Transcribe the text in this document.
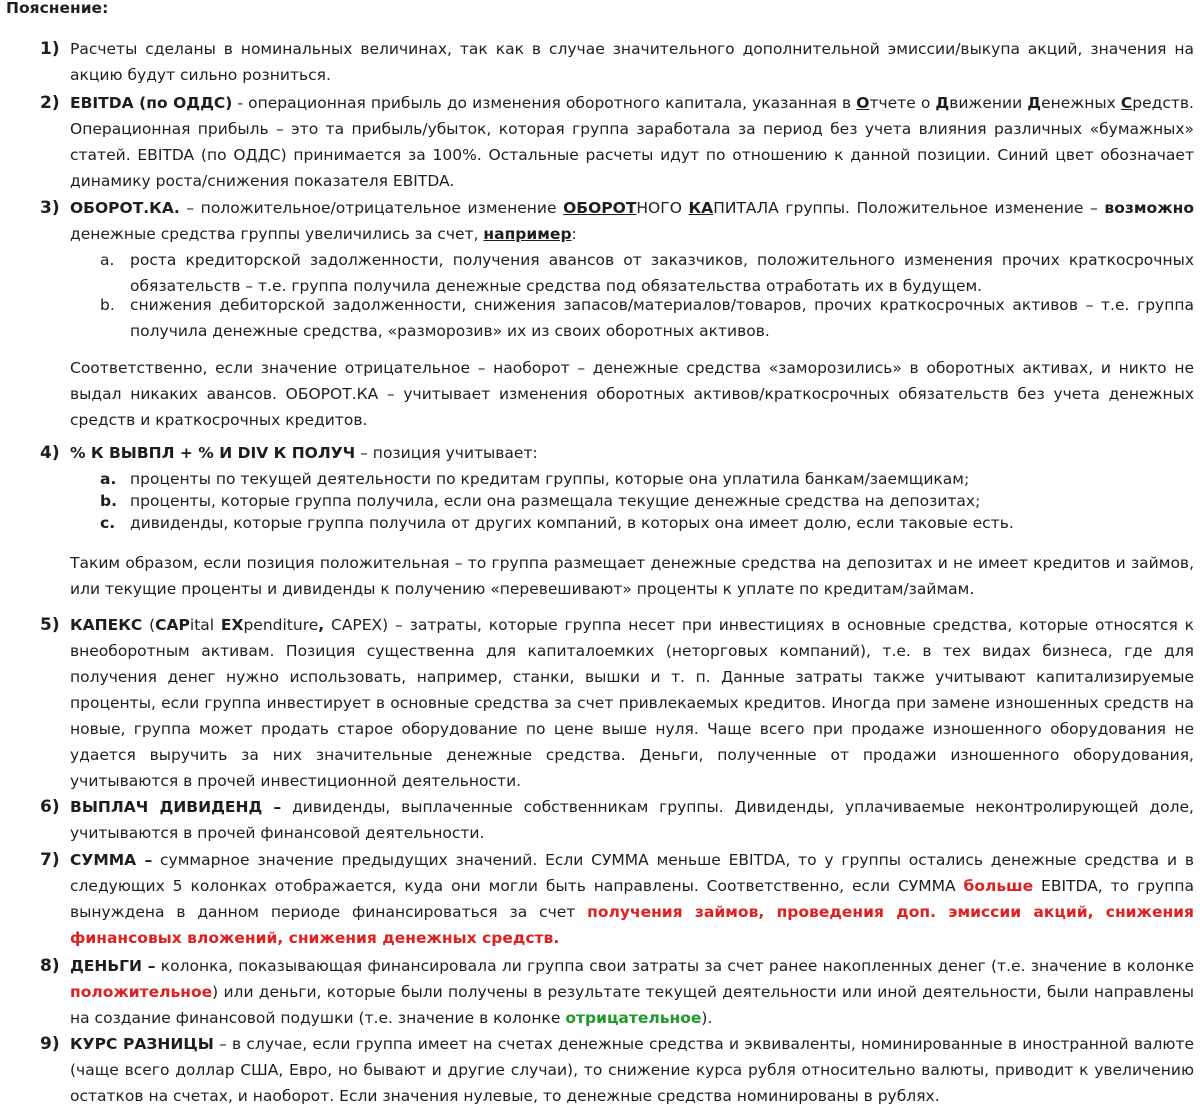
Пояснение:
1) Расчеты сделаны в номинальных величинах, так как в случае значительного дополнительной эмиссии/выкупа акций, значения на акцию будут сильно розниться.
2) EBITDA (по ОДДС) - операционная прибыль до изменения оборотного капитала, указанная в Отчете о Движении Денежных Средств. Операционная прибыль – это та прибыль/убыток, которая группа заработала за период без учета влияния различных «бумажных» статей. EBITDA (по ОДДС) принимается за 100%. Остальные расчеты идут по отношению к данной позиции. Синий цвет обозначает динамику роста/снижения показателя EBITDA.
3) ОБОРОТ.КА. – положительное/отрицательное изменение ОБОРОТНОГО КАПИТАЛА группы. Положительное изменение – возможно денежные средства группы увеличились за счет, например:
a. роста кредиторской задолженности, получения авансов от заказчиков, положительного изменения прочих краткосрочных обязательств – т.е. группа получила денежные средства под обязательства отработать их в будущем.
b. снижения дебиторской задолженности, снижения запасов/материалов/товаров, прочих краткосрочных активов – т.е. группа получила денежные средства, «разморозив» их из своих оборотных активов.
Соответственно, если значение отрицательное – наоборот – денежные средства «заморозились» в оборотных активах, и никто не выдал никаких авансов. ОБОРОТ.КА – учитывает изменения оборотных активов/краткосрочных обязательств без учета денежных средств и краткосрочных кредитов.
4) % К ВЫВПЛ + % И DIV К ПОЛУЧ – позиция учитывает:
a. проценты по текущей деятельности по кредитам группы, которые она уплатила банкам/заемщикам;
b. проценты, которые группа получила, если она размещала текущие денежные средства на депозитах;
c. дивиденды, которые группа получила от других компаний, в которых она имеет долю, если таковые есть.
Таким образом, если позиция положительная – то группа размещает денежные средства на депозитах и не имеет кредитов и займов, или текущие проценты и дивиденды к получению «перевешивают» проценты к уплате по кредитам/займам.
5) КАПЕКС (CAPital EXpenditure, CAPEX) – затраты, которые группа несет при инвестициях в основные средства, которые относятся к внеоборотным активам. Позиция существенна для капиталоемких (неторговых компаний), т.е. в тех видах бизнеса, где для получения денег нужно использовать, например, станки, вышки и т. п. Данные затраты также учитывают капитализируемые проценты, если группа инвестирует в основные средства за счет привлекаемых кредитов. Иногда при замене изношенных средств на новые, группа может продать старое оборудование по цене выше нуля. Чаще всего при продаже изношенного оборудования не удается выручить за них значительные денежные средства. Деньги, полученные от продажи изношенного оборудования, учитываются в прочей инвестиционной деятельности.
6) ВЫПЛАЧ ДИВИДЕНД – дивиденды, выплаченные собственникам группы. Дивиденды, уплачиваемые неконтролирующей доле, учитываются в прочей финансовой деятельности.
7) СУММА – суммарное значение предыдущих значений. Если СУММА меньше EBITDA, то у группы остались денежные средства и в следующих 5 колонках отображается, куда они могли быть направлены. Соответственно, если СУММА больше EBITDA, то группа вынуждена в данном периоде финансироваться за счет получения займов, проведения доп. эмиссии акций, снижения финансовых вложений, снижения денежных средств.
8) ДЕНЬГИ – колонка, показывающая финансировала ли группа свои затраты за счет ранее накопленных денег (т.е. значение в колонке положительное) или деньги, которые были получены в результате текущей деятельности или иной деятельности, были направлены на создание финансовой подушки (т.е. значение в колонке отрицательное).
9) КУРС РАЗНИЦЫ – в случае, если группа имеет на счетах денежные средства и эквиваленты, номинированные в иностранной валюте (чаще всего доллар США, Евро, но бывают и другие случаи), то снижение курса рубля относительно валюты, приводит к увеличению остатков на счетах, и наоборот. Если значения нулевые, то денежные средства номинированы в рублях.
